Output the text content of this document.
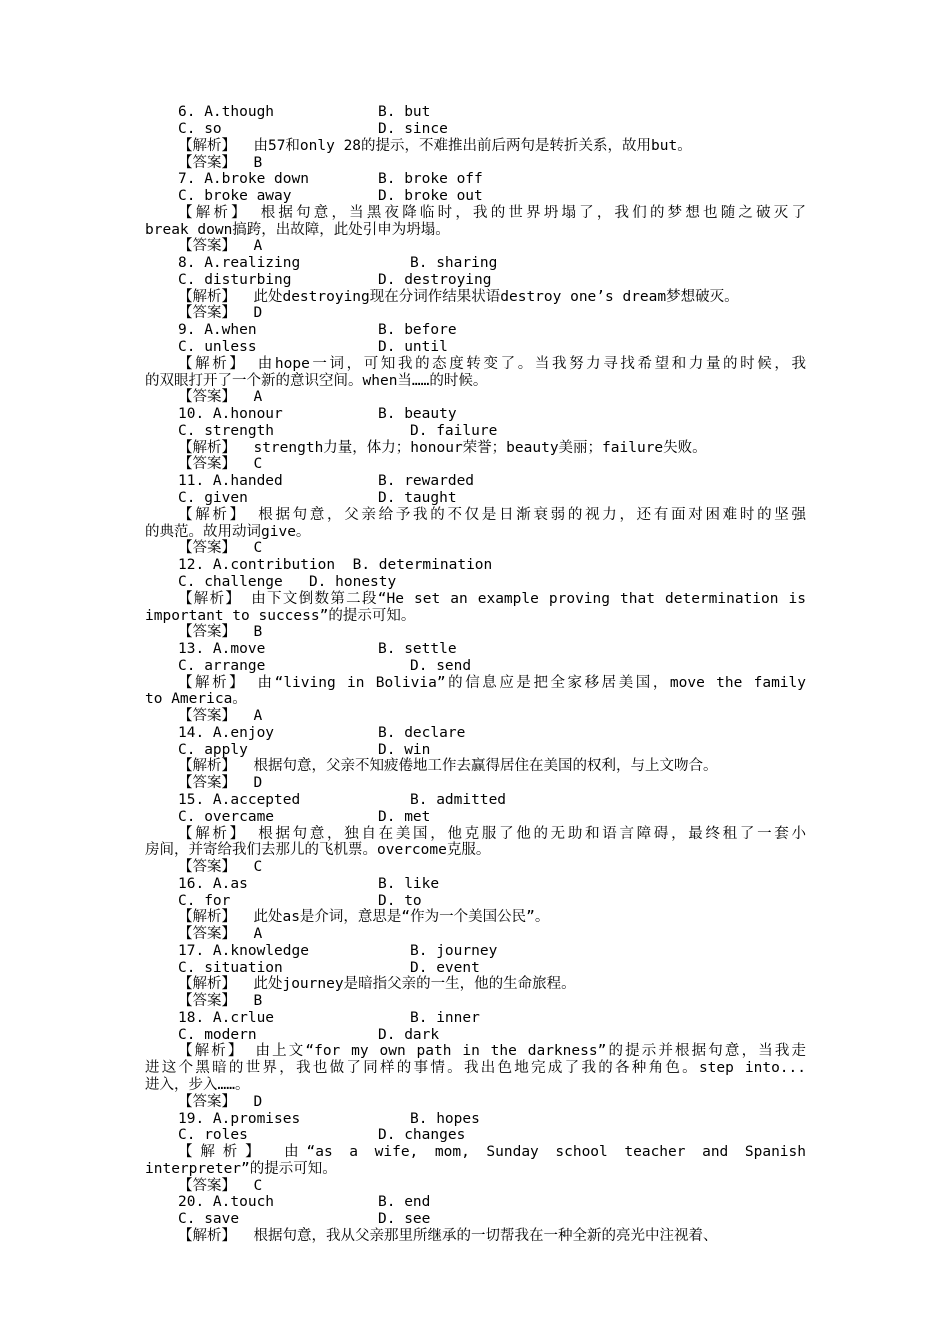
6. A.though	B. but
C. so	D. since
【解析】  由57和only 28的提示，不难推出前后两句是转折关系，故用but。
【答案】  B
7. A.broke down	B. broke off
C. broke away	D. broke out
【解析】 根据句意，当黑夜降临时，我的世界坍塌了，我们的梦想也随之破灭了
break down搞跨，出故障，此处引申为坍塌。
【答案】  A
8. A.realizing	B. sharing
C. disturbing	D. destroying
【解析】  此处destroying现在分词作结果状语destroy one’s dream梦想破灭。
【答案】  D
9. A.when	B. before
C. unless	D. until
【解析】 由hope一词，可知我的态度转变了。当我努力寻找希望和力量的时候，我
的双眼打开了一个新的意识空间。when当……的时候。
【答案】  A
10. A.honour	B. beauty
C. strength	D. failure
【解析】  strength力量，体力；honour荣誉；beauty美丽；failure失败。
【答案】  C
11. A.handed	B. rewarded
C. given	D. taught
【解析】 根据句意，父亲给予我的不仅是日渐衰弱的视力，还有面对困难时的坚强
的典范。故用动词give。
【答案】  C
12. A.contribution  B. determination
C. challenge   D. honesty
【解析】 由下文倒数第二段“He set an example proving that determination is
important to success”的提示可知。
【答案】  B
13. A.move	B. settle
C. arrange	D. send
【解析】 由“living in Bolivia”的信息应是把全家移居美国，move the family
to America。
【答案】  A
14. A.enjoy	B. declare
C. apply	D. win
【解析】  根据句意，父亲不知疲倦地工作去赢得居住在美国的权利，与上文吻合。
【答案】  D
15. A.accepted	B. admitted
C. overcame	D. met
【解析】 根据句意，独自在美国，他克服了他的无助和语言障碍，最终租了一套小
房间，并寄给我们去那儿的飞机票。overcome克服。
【答案】  C
16. A.as	B. like
C. for	D. to
【解析】  此处as是介词，意思是“作为一个美国公民”。
【答案】  A
17. A.knowledge	B. journey
C. situation	D. event
【解析】  此处journey是暗指父亲的一生，他的生命旅程。
【答案】  B
18. A.crlue	B. inner
C. modern	D. dark
【解析】 由上文“for my own path in the darkness”的提示并根据句意，当我走
进这个黑暗的世界，我也做了同样的事情。我出色地完成了我的各种角色。step into...
进入，步入……。
【答案】  D
19. A.promises	B. hopes
C. roles	D. changes
【解析】 由“as a wife, mom, Sunday school teacher and Spanish
interpreter”的提示可知。
【答案】  C
20. A.touch	B. end
C. save	D. see
【解析】  根据句意，我从父亲那里所继承的一切帮我在一种全新的亮光中注视着、
